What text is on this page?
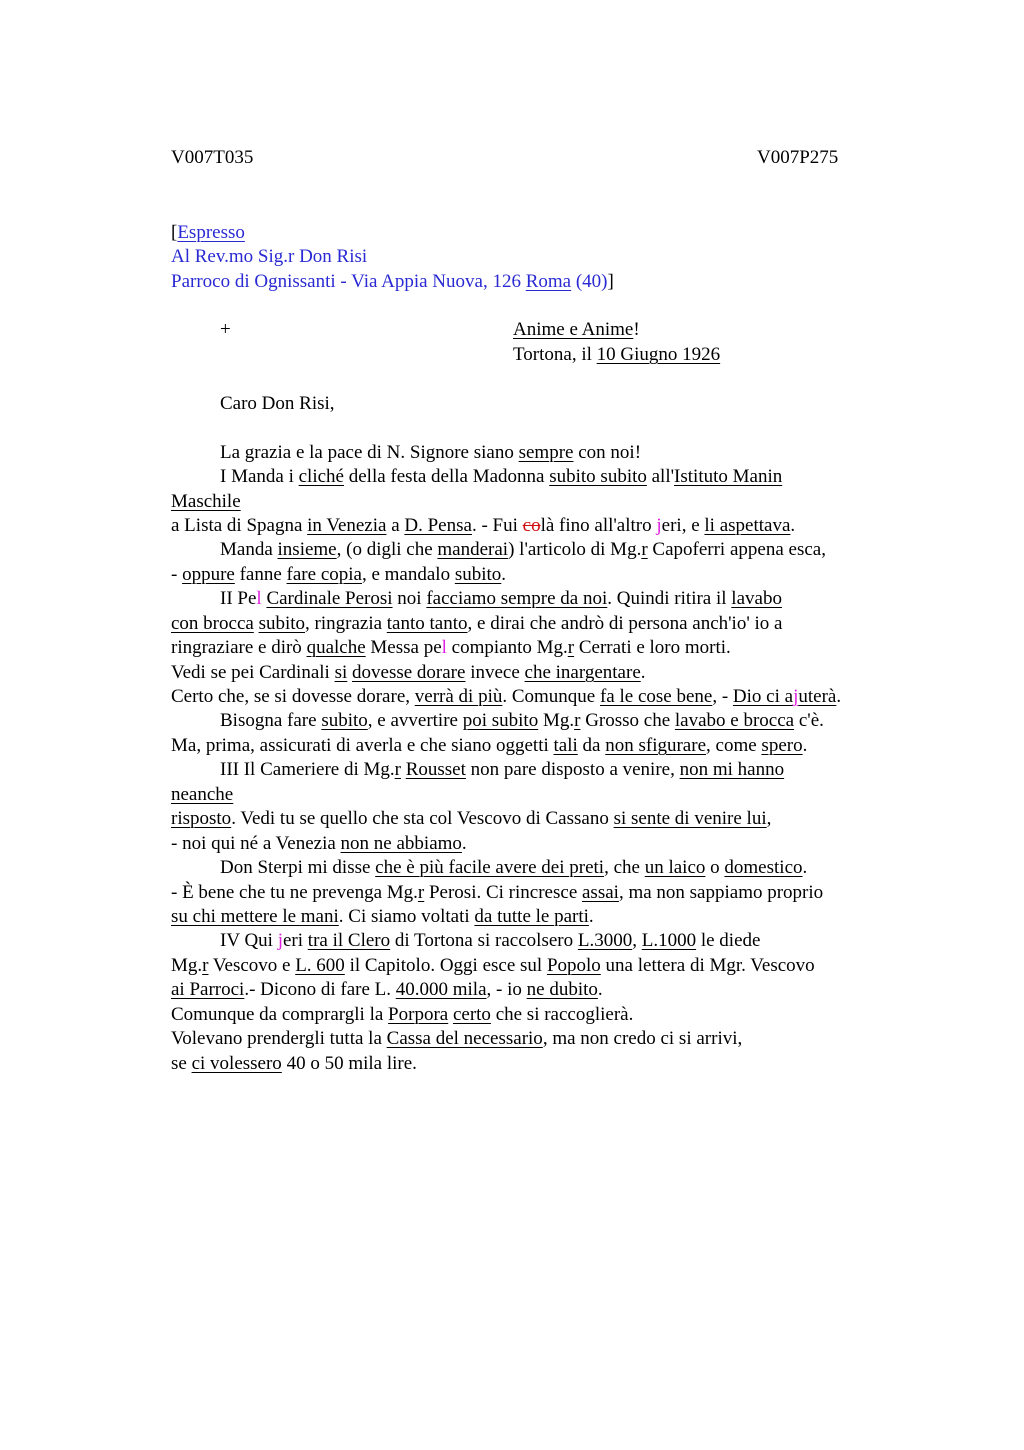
V007T035	V007P275
[Espresso
Al Rev.mo Sig.r Don Risi
Parroco di Ognissanti - Via Appia Nuova, 126 Roma (40)]
+	Anime e Anime!
Tortona, il 10 Giugno 1926
Caro Don Risi,
La grazia e la pace di N. Signore siano sempre con noi!
I Manda i cliché della festa della Madonna subito subito all'Istituto Manin
Maschile
a Lista di Spagna in Venezia a D. Pensa. - Fui colà fino all'altro jeri, e li aspettava.
Manda insieme, (o digli che manderai) l'articolo di Mg.r Capoferri appena esca,
- oppure fanne fare copia, e mandalo subito.
II Pel Cardinale Perosi noi facciamo sempre da noi. Quindi ritira il lavabo
con brocca subito, ringrazia tanto tanto, e dirai che andrò di persona anch'io' io a
ringraziare e dirò qualche Messa pel compianto Mg.r Cerrati e loro morti.
Vedi se pei Cardinali si dovesse dorare invece che inargentare.
Certo che, se si dovesse dorare, verrà di più. Comunque fa le cose bene, - Dio ci ajuterà.
Bisogna fare subito, e avvertire poi subito Mg.r Grosso che lavabo e brocca c'è.
Ma, prima, assicurati di averla e che siano oggetti tali da non sfigurare, come spero.
III Il Cameriere di Mg.r Rousset non pare disposto a venire, non mi hanno
neanche
risposto. Vedi tu se quello che sta col Vescovo di Cassano si sente di venire lui,
- noi qui né a Venezia non ne abbiamo.
Don Sterpi mi disse che è più facile avere dei preti, che un laico o domestico.
- È bene che tu ne prevenga Mg.r Perosi. Ci rincresce assai, ma non sappiamo proprio
su chi mettere le mani. Ci siamo voltati da tutte le parti.
IV Qui jeri tra il Clero di Tortona si raccolsero L.3000, L.1000 le diede
Mg.r Vescovo e L. 600 il Capitolo. Oggi esce sul Popolo una lettera di Mgr. Vescovo
ai Parroci.- Dicono di fare L. 40.000 mila, - io ne dubito.
Comunque da comprargli la Porpora certo che si raccoglierà.
Volevano prendergli tutta la Cassa del necessario, ma non credo ci si arrivi,
se ci volessero 40 o 50 mila lire.
